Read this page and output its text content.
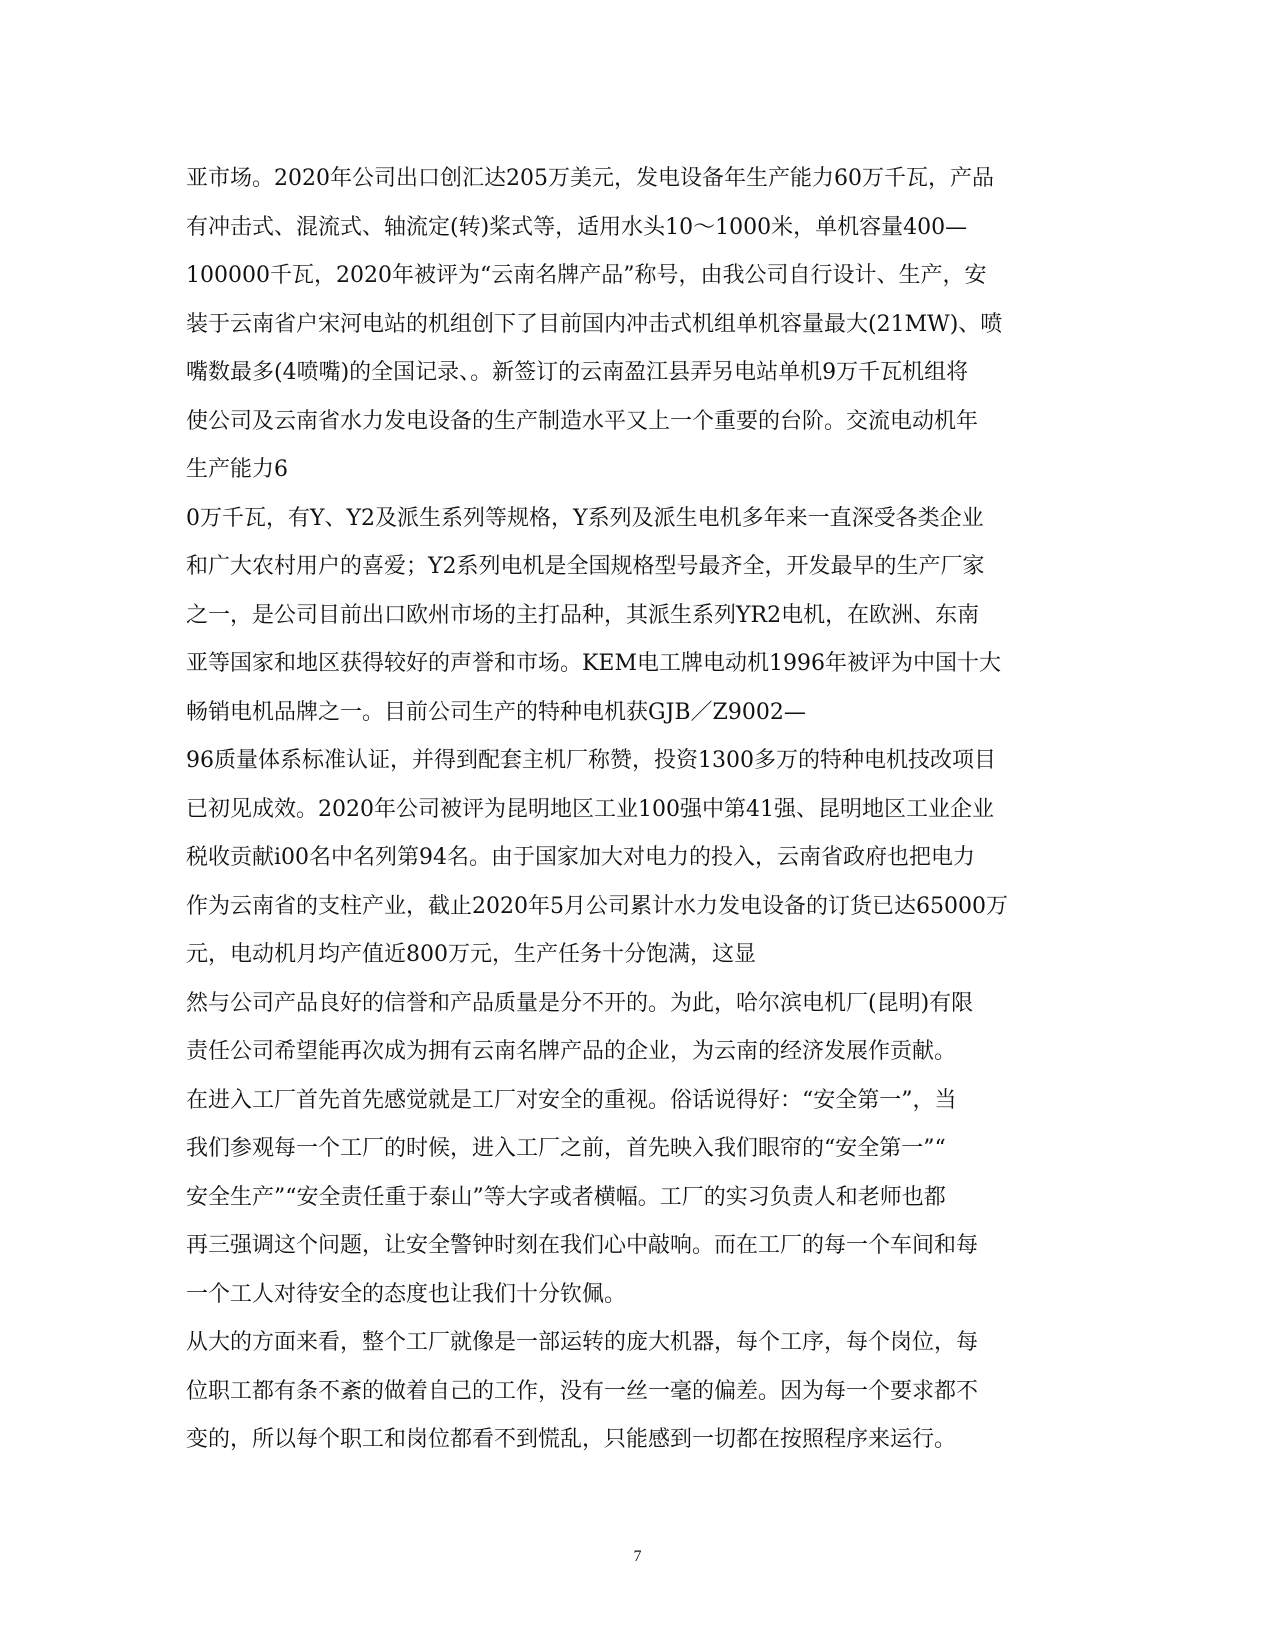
亚市场。2020年公司出口创汇达205万美元，发电设备年生产能力60万千瓦，产品
有冲击式、混流式、轴流定(转)桨式等，适用水头10～1000米，单机容量400—
100000千瓦，2020年被评为“云南名牌产品”称号，由我公司自行设计、生产，安
装于云南省户宋河电站的机组创下了目前国内冲击式机组单机容量最大(21MW)、喷
嘴数最多(4喷嘴)的全国记录、。新签订的云南盈江县弄另电站单机9万千瓦机组将
使公司及云南省水力发电设备的生产制造水平又上一个重要的台阶。交流电动机年
生产能力6
0万千瓦，有Y、Y2及派生系列等规格，Y系列及派生电机多年来一直深受各类企业
和广大农村用户的喜爱；Y2系列电机是全国规格型号最齐全，开发最早的生产厂家
之一，是公司目前出口欧州市场的主打品种，其派生系列YR2电机，在欧洲、东南
亚等国家和地区获得较好的声誉和市场。KEM电工牌电动机1996年被评为中国十大
畅销电机品牌之一。目前公司生产的特种电机获GJB／Z9002—
96质量体系标准认证，并得到配套主机厂称赞，投资1300多万的特种电机技改项目
已初见成效。2020年公司被评为昆明地区工业100强中第41强、昆明地区工业企业
税收贡献i00名中名列第94名。由于国家加大对电力的投入，云南省政府也把电力
作为云南省的支柱产业，截止2020年5月公司累计水力发电设备的订货已达65000万
元，电动机月均产值近800万元，生产任务十分饱满，这显
然与公司产品良好的信誉和产品质量是分不开的。为此，哈尔滨电机厂(昆明)有限
责任公司希望能再次成为拥有云南名牌产品的企业，为云南的经济发展作贡献。
在进入工厂首先首先感觉就是工厂对安全的重视。俗话说得好：“安全第一”，当
我们参观每一个工厂的时候，进入工厂之前，首先映入我们眼帘的“安全第一”“
安全生产”“安全责任重于泰山”等大字或者横幅。工厂的实习负责人和老师也都
再三强调这个问题，让安全警钟时刻在我们心中敲响。而在工厂的每一个车间和每
一个工人对待安全的态度也让我们十分钦佩。
从大的方面来看，整个工厂就像是一部运转的庞大机器，每个工序，每个岗位，每
位职工都有条不紊的做着自己的工作，没有一丝一毫的偏差。因为每一个要求都不
变的，所以每个职工和岗位都看不到慌乱，只能感到一切都在按照程序来运行。
7
